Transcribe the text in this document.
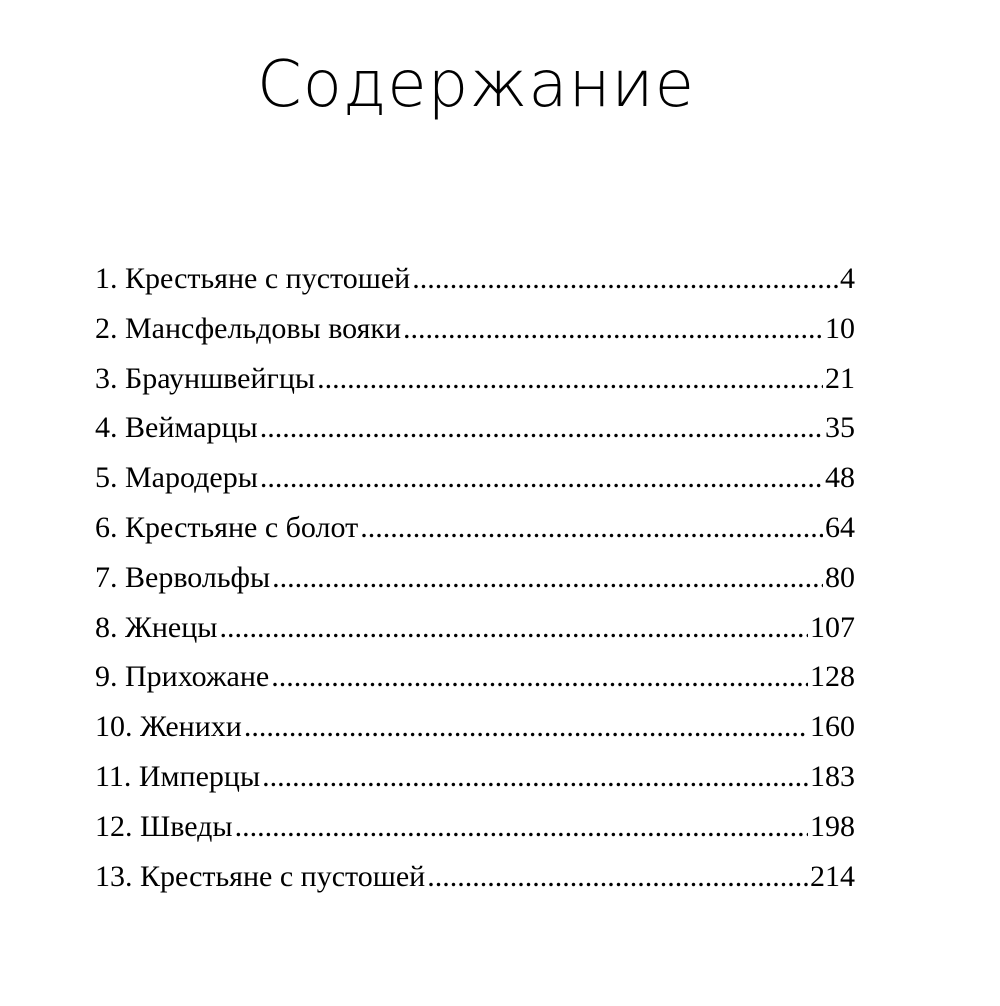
Содержание
1. Крестьяне с пустошей .....	4
2. Мансфельдовы вояки .....	10
3. Брауншвейгцы .....	21
4. Веймарцы .....	35
5. Мародеры .....	48
6. Крестьяне с болот .....	64
7. Вервольфы .....	80
8. Жнецы .....	107
9. Прихожане .....	128
10. Женихи .....	160
11. Имперцы .....	183
12. Шведы .....	198
13. Крестьяне с пустошей .....	214
